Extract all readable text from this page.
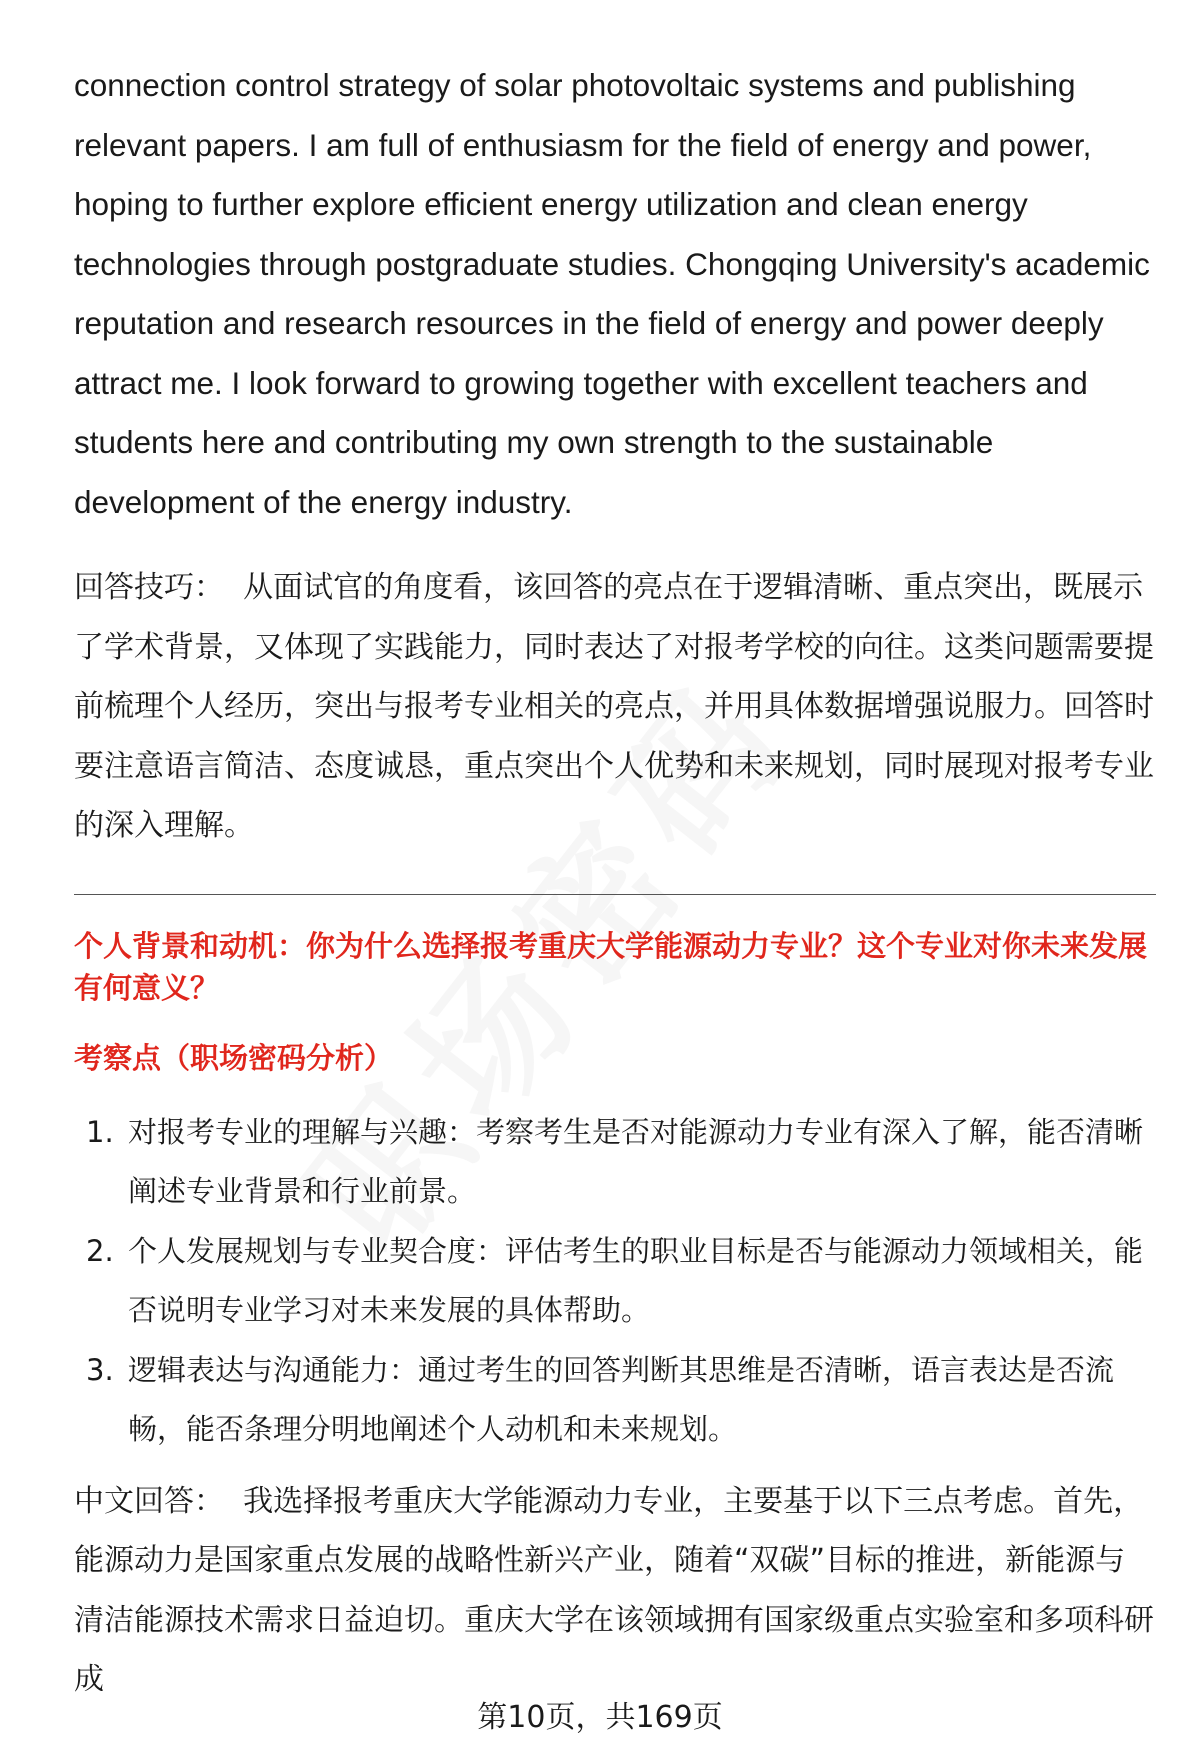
connection control strategy of solar photovoltaic systems and publishing relevant papers. I am full of enthusiasm for the field of energy and power, hoping to further explore efficient energy utilization and clean energy technologies through postgraduate studies. Chongqing University's academic reputation and research resources in the field of energy and power deeply attract me. I look forward to growing together with excellent teachers and students here and contributing my own strength to the sustainable development of the energy industry.

回答技巧： 从面试官的角度看，该回答的亮点在于逻辑清晰、重点突出，既展示了学术背景，又体现了实践能力，同时表达了对报考学校的向往。这类问题需要提前梳理个人经历，突出与报考专业相关的亮点，并用具体数据增强说服力。回答时要注意语言简洁、态度诚恳，重点突出个人优势和未来规划，同时展现对报考专业的深入理解。

个人背景和动机：你为什么选择报考重庆大学能源动力专业？这个专业对你未来发展有何意义？

考察点（职场密码分析）

1. 对报考专业的理解与兴趣：考察考生是否对能源动力专业有深入了解，能否清晰阐述专业背景和行业前景。
2. 个人发展规划与专业契合度：评估考生的职业目标是否与能源动力领域相关，能否说明专业学习对未来发展的具体帮助。
3. 逻辑表达与沟通能力：通过考生的回答判断其思维是否清晰，语言表达是否流畅，能否条理分明地阐述个人动机和未来规划。

中文回答： 我选择报考重庆大学能源动力专业，主要基于以下三点考虑。首先，能源动力是国家重点发展的战略性新兴产业，随着“双碳”目标的推进，新能源与清洁能源技术需求日益迫切。重庆大学在该领域拥有国家级重点实验室和多项科研成

第10页，共169页
